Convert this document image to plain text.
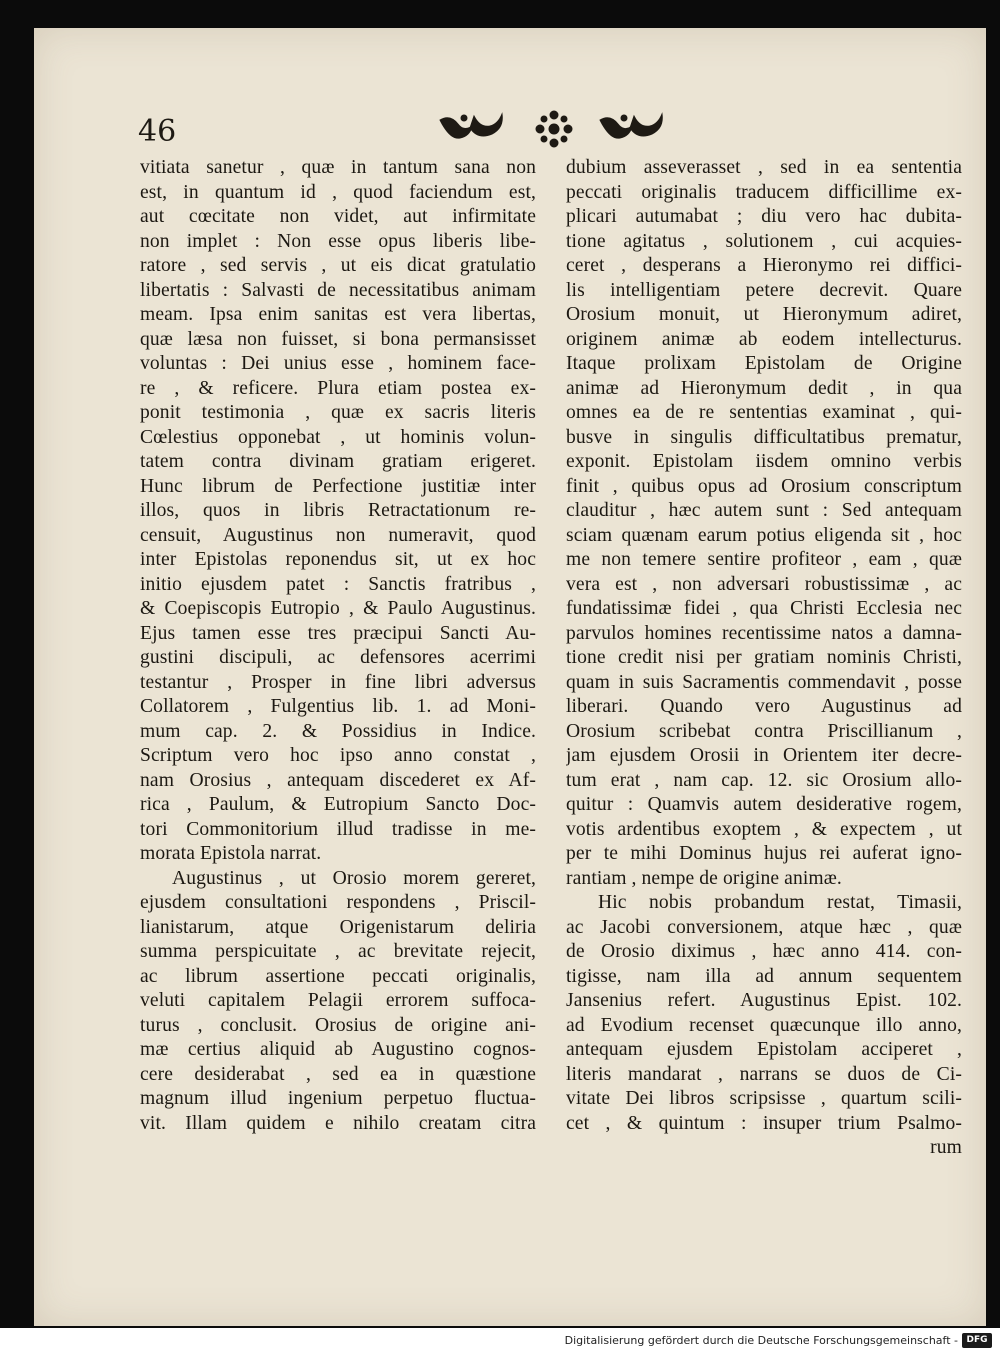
46
vitiata sanetur , quæ in tantum sana non
est, in quantum id , quod faciendum est,
aut cœcitate non videt, aut infirmitate
non implet : Non esse opus liberis libe-
ratore , sed servis , ut eis dicat gratulatio
libertatis : Salvasti de necessitatibus animam
meam. Ipsa enim sanitas est vera libertas,
quæ læsa non fuisset, si bona permansisset
voluntas : Dei unius esse , hominem face-
re , & reficere. Plura etiam postea ex-
ponit testimonia , quæ ex sacris literis
Cœlestius opponebat , ut hominis volun-
tatem contra divinam gratiam erigeret.
Hunc librum de Perfectione justitiæ inter
illos, quos in libris Retractationum re-
censuit, Augustinus non numeravit, quod
inter Epistolas reponendus sit, ut ex hoc
initio ejusdem patet : Sanctis fratribus ,
& Coepiscopis Eutropio , & Paulo Augustinus.
Ejus tamen esse tres præcipui Sancti Au-
gustini discipuli, ac defensores acerrimi
testantur , Prosper in fine libri adversus
Collatorem , Fulgentius lib. 1. ad Moni-
mum cap. 2. & Possidius in Indice.
Scriptum vero hoc ipso anno constat ,
nam Orosius , antequam discederet ex Af-
rica , Paulum, & Eutropium Sancto Doc-
tori Commonitorium illud tradisse in me-
morata Epistola narrat.
Augustinus , ut Orosio morem gereret,
ejusdem consultationi respondens , Priscil-
lianistarum, atque Origenistarum deliria
summa perspicuitate , ac brevitate rejecit,
ac librum assertione peccati originalis,
veluti capitalem Pelagii errorem suffoca-
turus , conclusit. Orosius de origine ani-
mæ certius aliquid ab Augustino cognos-
cere desiderabat , sed ea in quæstione
magnum illud ingenium perpetuo fluctua-
vit. Illam quidem e nihilo creatam citra
dubium asseverasset , sed in ea sententia
peccati originalis traducem difficillime ex-
plicari autumabat ; diu vero hac dubita-
tione agitatus , solutionem , cui acquies-
ceret , desperans a Hieronymo rei diffici-
lis intelligentiam petere decrevit. Quare
Orosium monuit, ut Hieronymum adiret,
originem animæ ab eodem intellecturus.
Itaque prolixam Epistolam de Origine
animæ ad Hieronymum dedit , in qua
omnes ea de re sententias examinat , qui-
busve in singulis difficultatibus prematur,
exponit. Epistolam iisdem omnino verbis
finit , quibus opus ad Orosium conscriptum
clauditur , hæc autem sunt : Sed antequam
sciam quænam earum potius eligenda sit , hoc
me non temere sentire profiteor , eam , quæ
vera est , non adversari robustissimæ , ac
fundatissimæ fidei , qua Christi Ecclesia nec
parvulos homines recentissime natos a damna-
tione credit nisi per gratiam nominis Christi,
quam in suis Sacramentis commendavit , posse
liberari. Quando vero Augustinus ad
Orosium scribebat contra Priscillianum ,
jam ejusdem Orosii in Orientem iter decre-
tum erat , nam cap. 12. sic Orosium allo-
quitur : Quamvis autem desiderative rogem,
votis ardentibus exoptem , & expectem , ut
per te mihi Dominus hujus rei auferat igno-
rantiam , nempe de origine animæ.
Hic nobis probandum restat, Timasii,
ac Jacobi conversionem, atque hæc , quæ
de Orosio diximus , hæc anno 414. con-
tigisse, nam illa ad annum sequentem
Jansenius refert. Augustinus Epist. 102.
ad Evodium recenset quæcunque illo anno,
antequam ejusdem Epistolam acciperet ,
literis mandarat , narrans se duos de Ci-
vitate Dei libros scripsisse , quartum scili-
cet , & quintum : insuper trium Psalmo-
rum
Digitalisierung gefördert durch die Deutsche Forschungsgemeinschaft - DFG
